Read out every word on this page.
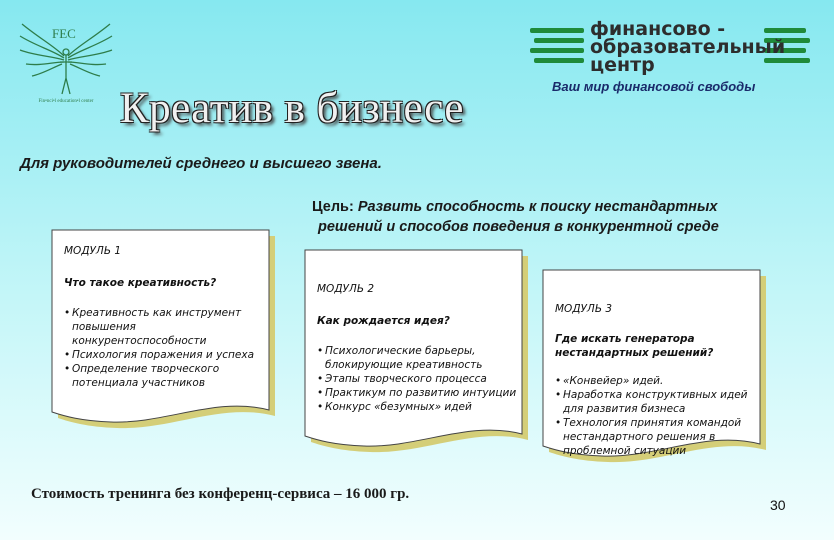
FEC
Fin•nci•l education•l center
финансово -
образовательный
центр
Ваш мир финансовой свободы
Креатив в бизнесе
Для руководителей среднего и высшего звена.
Цель: Развить способность к поиску нестандартных
решений и способов поведения в конкурентной среде
МОДУЛЬ 1
Что такое креативность?
• Креативность как инструмент повышения конкурентоспособности
• Психология поражения и успеха
• Определение творческого потенциала участников
МОДУЛЬ 2
Как рождается идея?
• Психологические барьеры, блокирующие креативность
• Этапы творческого процесса
• Практикум по развитию интуиции
• Конкурс «безумных» идей
МОДУЛЬ 3
Где искать генератора нестандартных решений?
• «Конвейер» идей.
• Наработка конструктивных идей для развития бизнеса
• Технология принятия командой нестандартного решения в проблемной ситуации
Стоимость тренинга без конференц-сервиса – 16 000 гр.
30
